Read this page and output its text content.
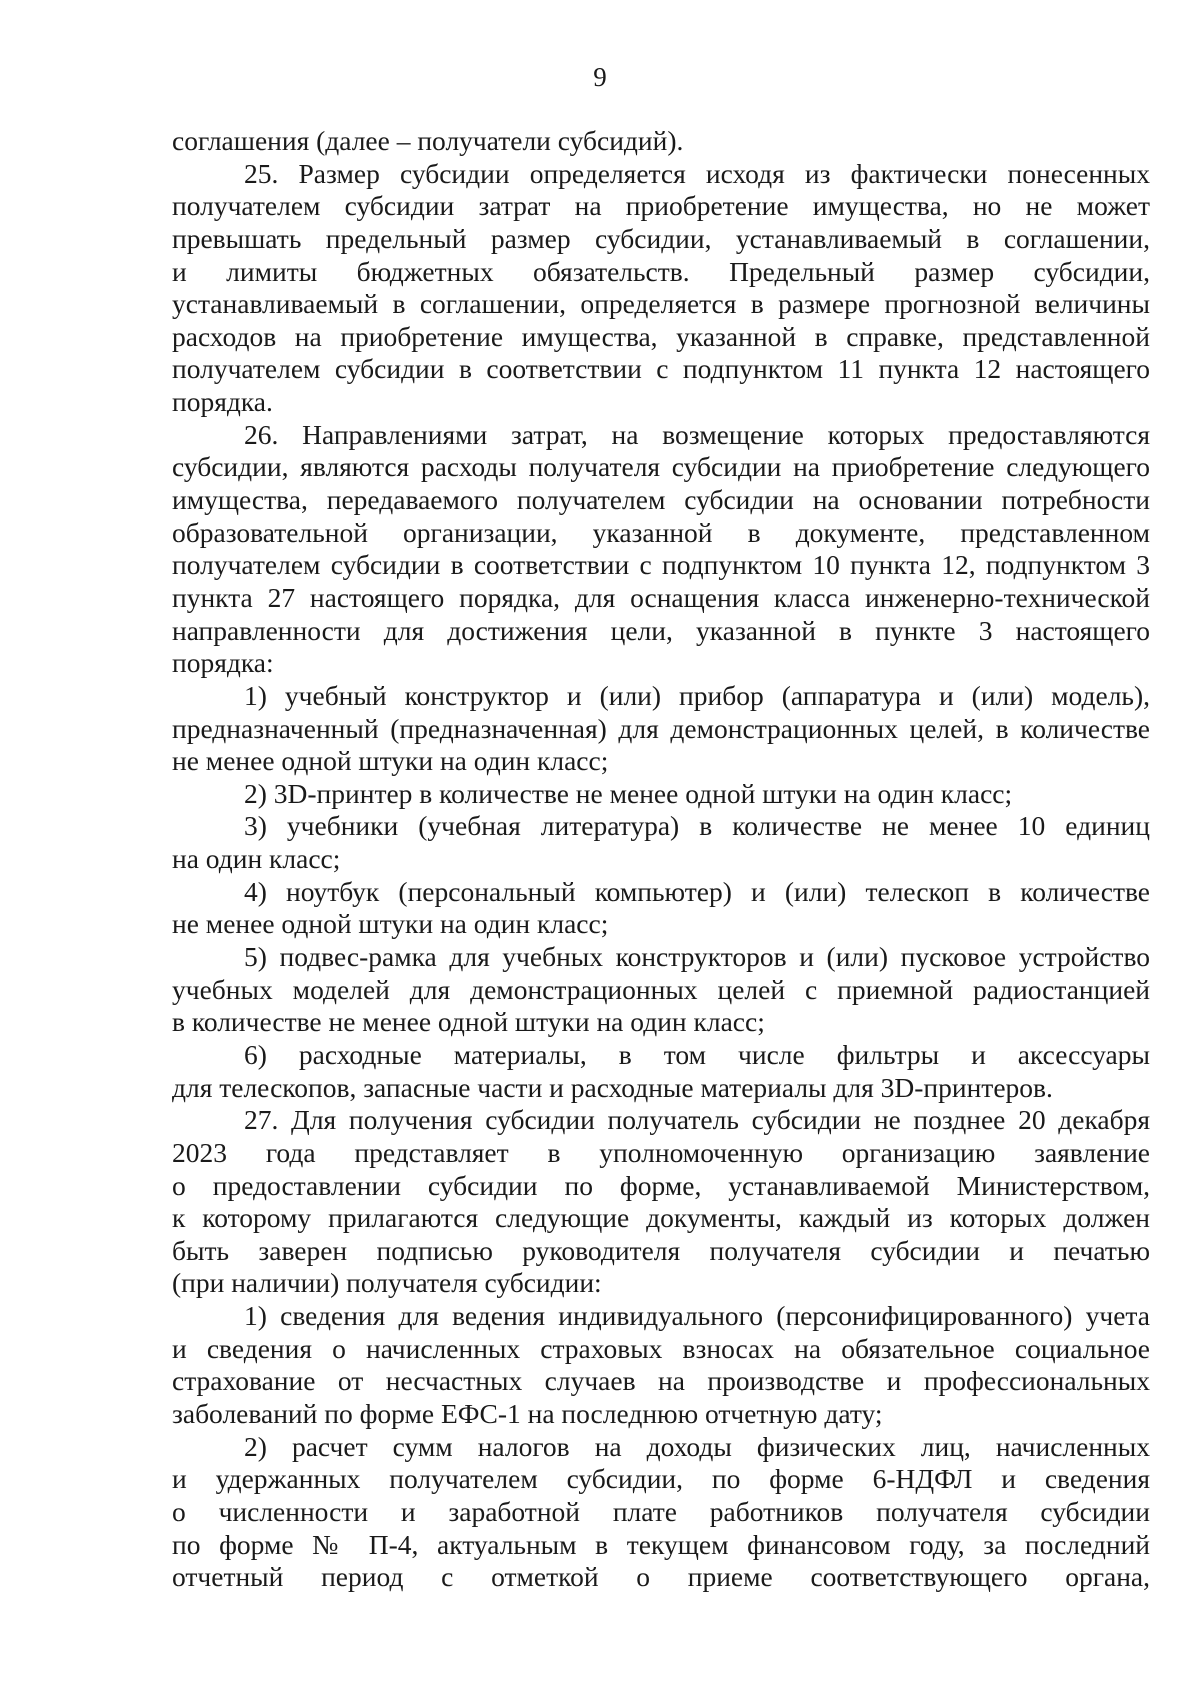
9
соглашения (далее – получатели субсидий).
25. Размер субсидии определяется исходя из фактически понесенных
получателем субсидии затрат на приобретение имущества, но не может
превышать предельный размер субсидии, устанавливаемый в соглашении,
и лимиты бюджетных обязательств. Предельный размер субсидии,
устанавливаемый в соглашении, определяется в размере прогнозной величины
расходов на приобретение имущества, указанной в справке, представленной
получателем субсидии в соответствии с подпунктом 11 пункта 12 настоящего
порядка.
26. Направлениями затрат, на возмещение которых предоставляются
субсидии, являются расходы получателя субсидии на приобретение следующего
имущества, передаваемого получателем субсидии на основании потребности
образовательной организации, указанной в документе, представленном
получателем субсидии в соответствии с подпунктом 10 пункта 12, подпунктом 3
пункта 27 настоящего порядка, для оснащения класса инженерно-технической
направленности для достижения цели, указанной в пункте 3 настоящего
порядка:
1) учебный конструктор и (или) прибор (аппаратура и (или) модель),
предназначенный (предназначенная) для демонстрационных целей, в количестве
не менее одной штуки на один класс;
2) 3D-принтер в количестве не менее одной штуки на один класс;
3) учебники (учебная литература) в количестве не менее 10 единиц
на один класс;
4) ноутбук (персональный компьютер) и (или) телескоп в количестве
не менее одной штуки на один класс;
5) подвес-рамка для учебных конструкторов и (или) пусковое устройство
учебных моделей для демонстрационных целей с приемной радиостанцией
в количестве не менее одной штуки на один класс;
6) расходные материалы, в том числе фильтры и аксессуары
для телескопов, запасные части и расходные материалы для 3D-принтеров.
27. Для получения субсидии получатель субсидии не позднее 20 декабря
2023 года представляет в уполномоченную организацию заявление
о предоставлении субсидии по форме, устанавливаемой Министерством,
к которому прилагаются следующие документы, каждый из которых должен
быть заверен подписью руководителя получателя субсидии и печатью
(при наличии) получателя субсидии:
1) сведения для ведения индивидуального (персонифицированного) учета
и сведения о начисленных страховых взносах на обязательное социальное
страхование от несчастных случаев на производстве и профессиональных
заболеваний по форме ЕФС-1 на последнюю отчетную дату;
2) расчет сумм налогов на доходы физических лиц, начисленных
и удержанных получателем субсидии, по форме 6-НДФЛ и сведения
о численности и заработной плате работников получателя субсидии
по форме № П-4, актуальным в текущем финансовом году, за последний
отчетный период с отметкой о приеме соответствующего органа,
